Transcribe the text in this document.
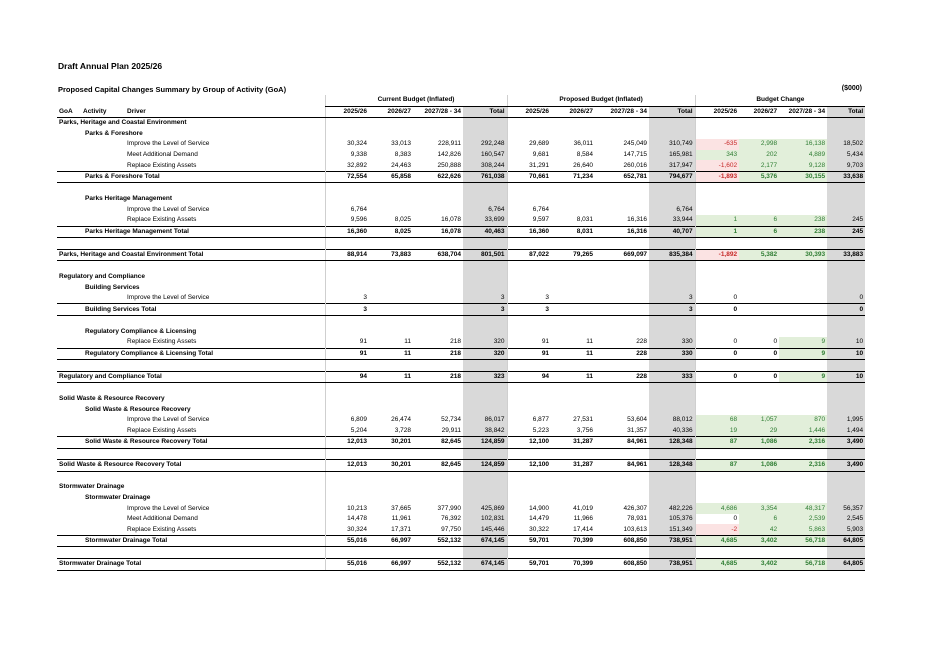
Draft Annual Plan 2025/26
Proposed Capital Changes Summary by Group of Activity (GoA)	($000)
			Current Budget (Inflated)				Proposed Budget (Inflated)				Budget Change			
GoA	Activity	Driver	2025/26	2026/27	2027/28 - 34	Total	2025/26	2026/27	2027/28 - 34	Total	2025/26	2026/27	2027/28 - 34	Total
Parks, Heritage and Coastal Environment														
Parks & Foreshore														
Improve the Level of Service			30,324	33,013	228,911	292,248	29,689	36,011	245,049	310,749	-635	2,998	16,138	18,502
Meet Additional Demand			9,338	8,383	142,826	160,547	9,681	8,584	147,715	165,981	343	202	4,889	5,434
Replace Existing Assets			32,892	24,463	250,888	308,244	31,291	26,640	260,016	317,947	-1,602	2,177	9,128	9,703
Parks & Foreshore Total			72,554	65,858	622,626	761,038	70,661	71,234	652,781	794,677	-1,893	5,376	30,155	33,638

Parks Heritage Management														
Improve the Level of Service			6,764			6,764	6,764			6,764				
Replace Existing Assets			9,596	8,025	16,078	33,699	9,597	8,031	16,316	33,944	1	6	238	245
Parks Heritage Management Total			16,360	8,025	16,078	40,463	16,360	8,031	16,316	40,707	1	6	238	245

Parks, Heritage and Coastal Environment Total			88,914	73,883	638,704	801,501	87,022	79,265	669,097	835,384	-1,892	5,382	30,393	33,883

Regulatory and Compliance														
Building Services														
Improve the Level of Service			3			3	3			3	0			0
Building Services Total			3			3	3			3	0			0

Regulatory Compliance & Licensing														
Replace Existing Assets			91	11	218	320	91	11	228	330	0	0	9	10
Regulatory Compliance & Licensing Total			91	11	218	320	91	11	228	330	0	0	9	10

Regulatory and Compliance Total			94	11	218	323	94	11	228	333	0	0	9	10

Solid Waste & Resource Recovery														
Solid Waste & Resource Recovery														
Improve the Level of Service			6,809	26,474	52,734	86,017	6,877	27,531	53,604	88,012	68	1,057	870	1,995
Replace Existing Assets			5,204	3,728	29,911	38,842	5,223	3,756	31,357	40,336	19	29	1,446	1,494
Solid Waste & Resource Recovery Total			12,013	30,201	82,645	124,859	12,100	31,287	84,961	128,348	87	1,086	2,316	3,490

Solid Waste & Resource Recovery Total			12,013	30,201	82,645	124,859	12,100	31,287	84,961	128,348	87	1,086	2,316	3,490

Stormwater Drainage														
Stormwater Drainage														
Improve the Level of Service			10,213	37,665	377,990	425,869	14,900	41,019	426,307	482,226	4,686	3,354	48,317	56,357
Meet Additional Demand			14,478	11,961	76,392	102,831	14,479	11,966	78,931	105,376	0	6	2,539	2,545
Replace Existing Assets			30,324	17,371	97,750	145,446	30,322	17,414	103,613	151,349	-2	42	5,863	5,903
Stormwater Drainage Total			55,016	66,997	552,132	674,145	59,701	70,399	608,850	738,951	4,685	3,402	56,718	64,805

Stormwater Drainage Total			55,016	66,997	552,132	674,145	59,701	70,399	608,850	738,951	4,685	3,402	56,718	64,805
